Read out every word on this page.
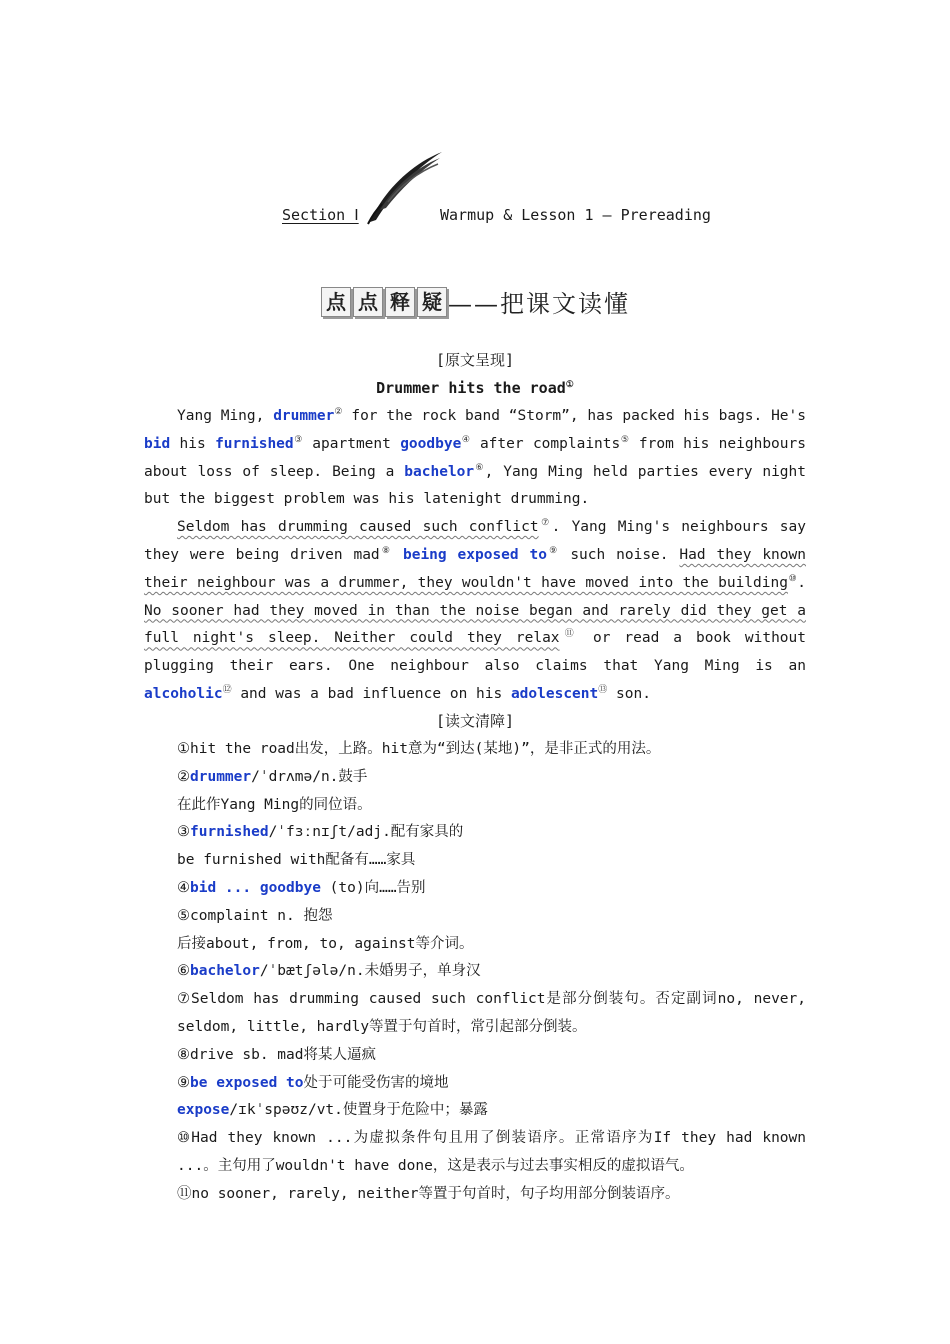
Section Ⅰ	Warmup & Lesson 1 — Prereading
点 点 释 疑 ——把课文读懂
[原文呈现]
Drummer hits the road①

Yang Ming, drummer② for the rock band “Storm”, has packed his bags. He's bid his furnished③ apartment goodbye④ after complaints⑤ from his neighbours about loss of sleep. Being a bachelor⑥, Yang Ming held parties every night but the biggest problem was his latenight drumming.

Seldom has drumming caused such conflict⑦. Yang Ming's neighbours say they were being driven mad⑧ being exposed to⑨ such noise. Had they known their neighbour was a drummer, they wouldn't have moved into the building⑩. No sooner had they moved in than the noise began and rarely did they get a full night's sleep. Neither could they relax⑪ or read a book without plugging their ears. One neighbour also claims that Yang Ming is an alcoholic⑫ and was a bad influence on his adolescent⑬ son.

[读文清障]
①hit the road出发，上路。hit意为“到达(某地)”，是非正式的用法。
②drummer/ˈdrʌmə/n.鼓手
在此作Yang Ming的同位语。
③furnished/ˈfɜːnɪʃt/adj.配有家具的
be furnished with配备有……家具
④bid ... goodbye (to)向……告别
⑤complaint n. 抱怨
后接about, from, to, against等介词。
⑥bachelor/ˈbætʃələ/n.未婚男子，单身汉
⑦Seldom has drumming caused such conflict是部分倒装句。否定副词no, never, seldom, little, hardly等置于句首时，常引起部分倒装。
⑧drive sb. mad将某人逼疯
⑨be exposed to处于可能受伤害的境地
expose/ɪkˈspəʊz/vt.使置身于危险中；暴露
⑩Had they known ...为虚拟条件句且用了倒装语序。正常语序为If they had known ...。主句用了wouldn't have done，这是表示与过去事实相反的虚拟语气。
⑪no sooner, rarely, neither等置于句首时，句子均用部分倒装语序。
